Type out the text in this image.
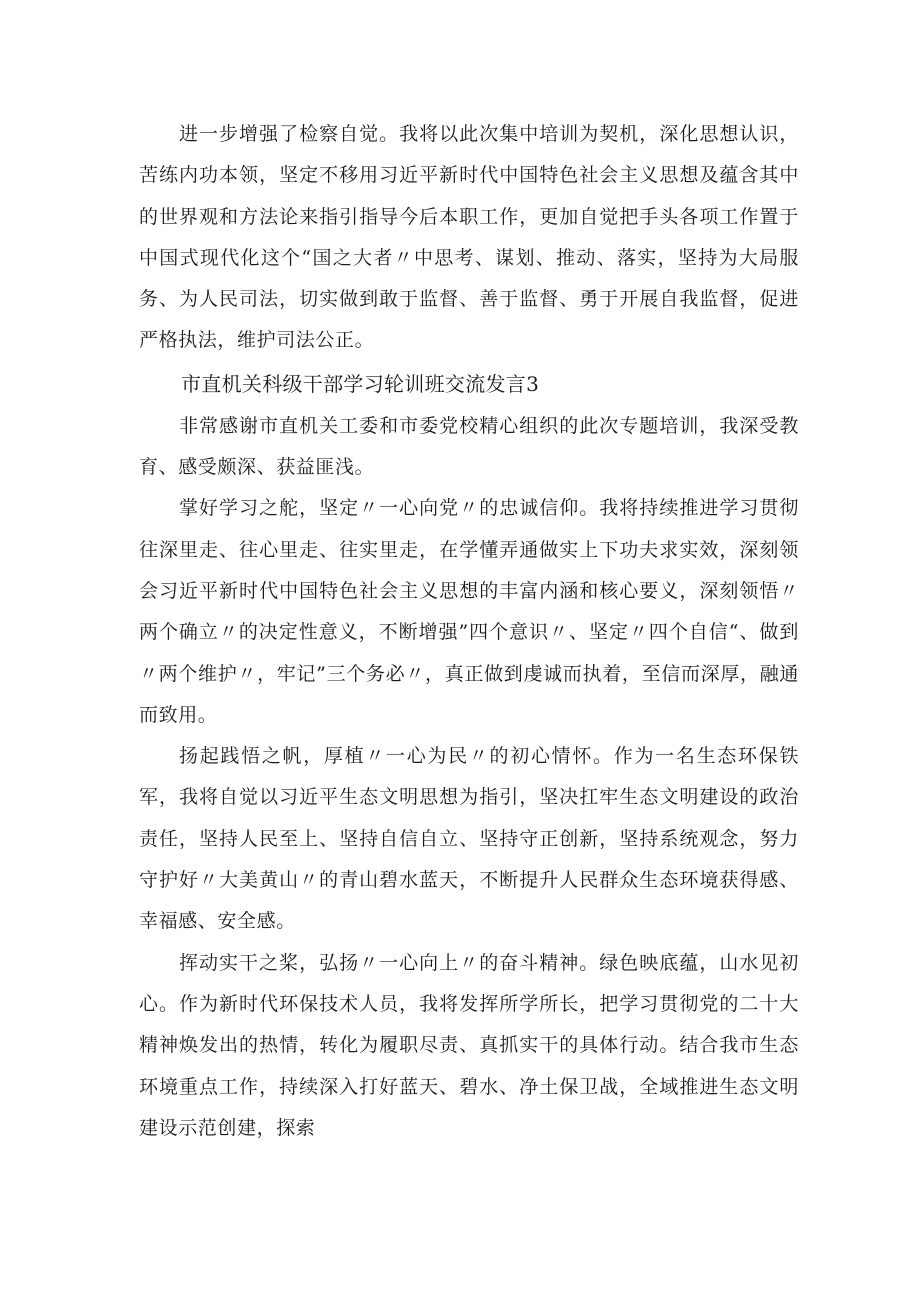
进一步增强了检察自觉。我将以此次集中培训为契机，深化思想认识，苦练内功本领，坚定不移用习近平新时代中国特色社会主义思想及蕴含其中的世界观和方法论来指引指导今后本职工作，更加自觉把手头各项工作置于中国式现代化这个“国之大者〃中思考、谋划、推动、落实，坚持为大局服务、为人民司法，切实做到敢于监督、善于监督、勇于开展自我监督，促进严格执法，维护司法公正。

市直机关科级干部学习轮训班交流发言3

非常感谢市直机关工委和市委党校精心组织的此次专题培训，我深受教育、感受颇深、获益匪浅。

掌好学习之舵，坚定〃一心向党〃的忠诚信仰。我将持续推进学习贯彻往深里走、往心里走、往实里走，在学懂弄通做实上下功夫求实效，深刻领会习近平新时代中国特色社会主义思想的丰富内涵和核心要义，深刻领悟〃两个确立〃的决定性意义，不断增强”四个意识〃、坚定〃四个自信“、做到〃两个维护〃，牢记”三个务必〃，真正做到虔诚而执着，至信而深厚，融通而致用。

扬起践悟之帆，厚植〃一心为民〃的初心情怀。作为一名生态环保铁军，我将自觉以习近平生态文明思想为指引，坚决扛牢生态文明建设的政治责任，坚持人民至上、坚持自信自立、坚持守正创新，坚持系统观念，努力守护好〃大美黄山〃的青山碧水蓝天，不断提升人民群众生态环境获得感、幸福感、安全感。

挥动实干之桨，弘扬〃一心向上〃的奋斗精神。绿色映底蕴，山水见初心。作为新时代环保技术人员，我将发挥所学所长，把学习贯彻党的二十大精神焕发出的热情，转化为履职尽责、真抓实干的具体行动。结合我市生态环境重点工作，持续深入打好蓝天、碧水、净土保卫战，全域推进生态文明建设示范创建，探索
